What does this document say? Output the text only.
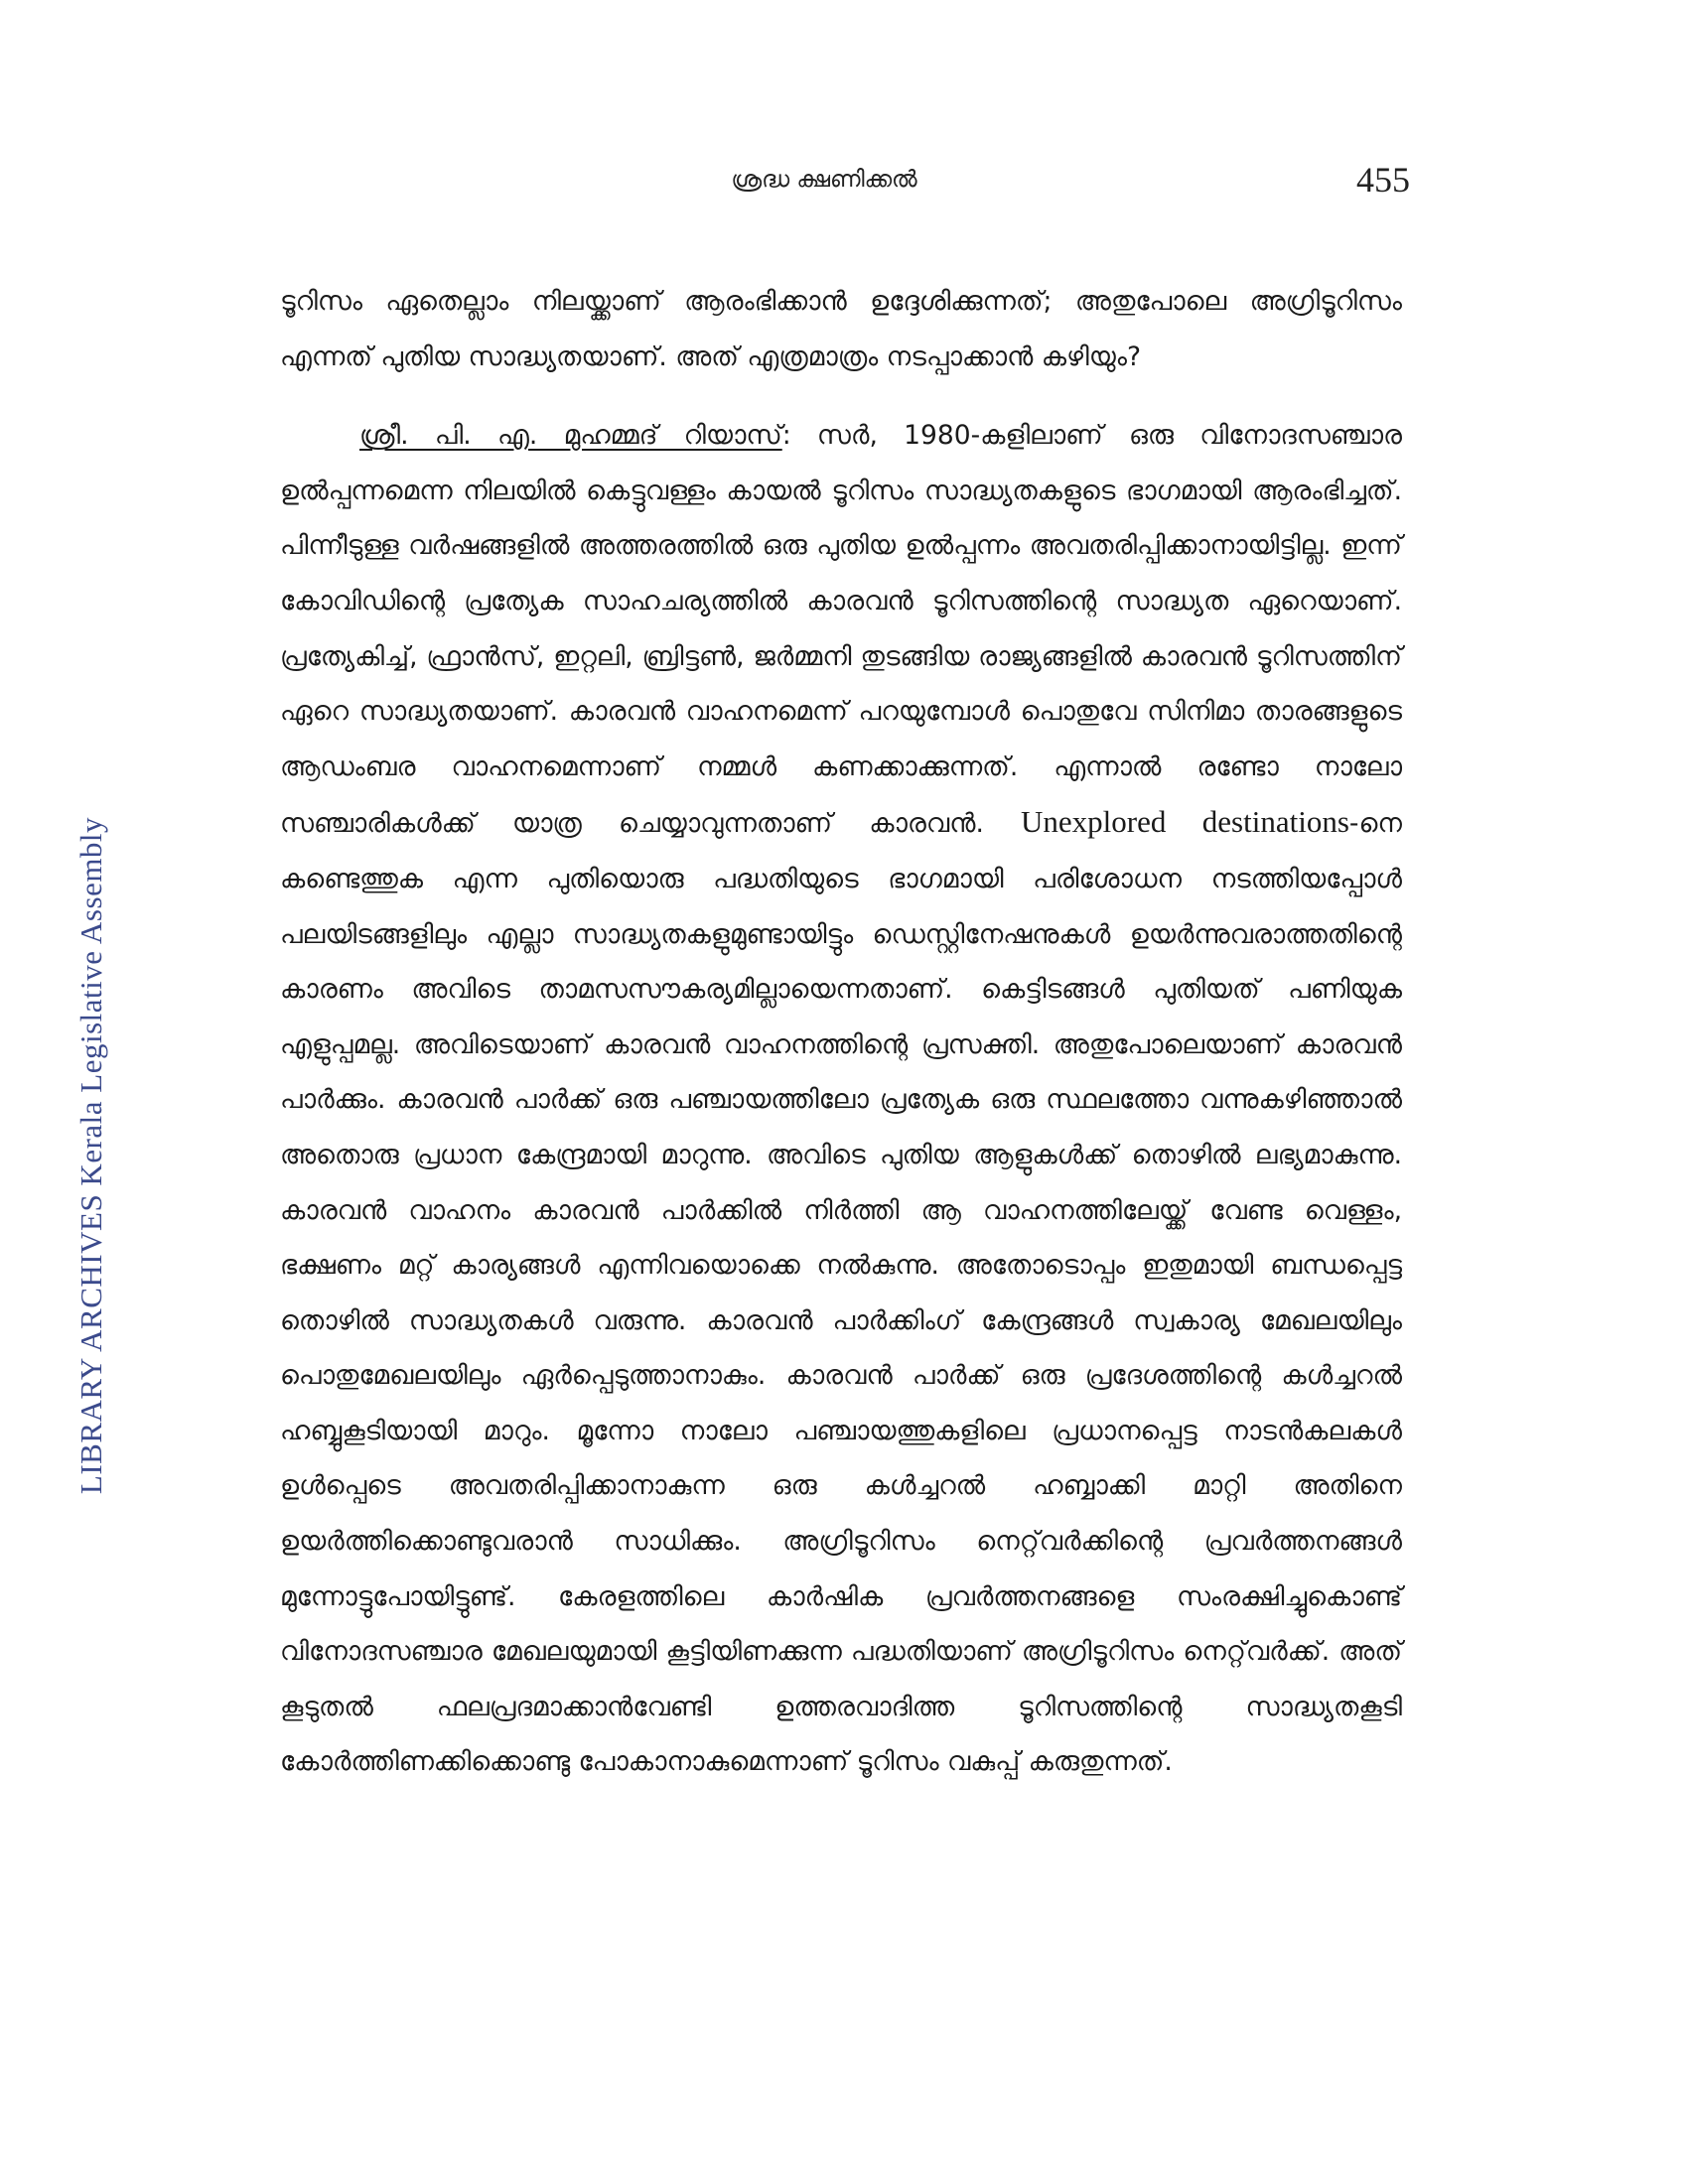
ശ്രദ്ധ ക്ഷണിക്കൽ	455
LIBRARY ARCHIVES Kerala Legislative Assembly

ടൂറിസം ഏതെല്ലാം നിലയ്ക്കാണ് ആരംഭിക്കാൻ ഉദ്ദേശിക്കുന്നത്; അതുപോലെ അഗ്രിടൂറിസം എന്നത് പുതിയ സാദ്ധ്യതയാണ്. അത് എത്രമാത്രം നടപ്പാക്കാൻ കഴിയും?

ശ്രീ. പി. എ. മുഹമ്മദ് റിയാസ്: സർ, 1980-കളിലാണ് ഒരു വിനോദസഞ്ചാര ഉൽപ്പന്നമെന്ന നിലയിൽ കെട്ടുവള്ളം കായൽ ടൂറിസം സാദ്ധ്യതകളുടെ ഭാഗമായി ആരംഭിച്ചത്. പിന്നീടുള്ള വർഷങ്ങളിൽ അത്തരത്തിൽ ഒരു പുതിയ ഉൽപ്പന്നം അവതരിപ്പിക്കാനായിട്ടില്ല. ഇന്ന് കോവിഡിന്റെ പ്രത്യേക സാഹചര്യത്തിൽ കാരവൻ ടൂറിസത്തിന്റെ സാദ്ധ്യത ഏറെയാണ്. പ്രത്യേകിച്ച്, ഫ്രാൻസ്, ഇറ്റലി, ബ്രിട്ടൺ, ജർമ്മനി തുടങ്ങിയ രാജ്യങ്ങളിൽ കാരവൻ ടൂറിസത്തിന് ഏറെ സാദ്ധ്യതയാണ്. കാരവൻ വാഹനമെന്ന് പറയുമ്പോൾ പൊതുവേ സിനിമാ താരങ്ങളുടെ ആഡംബര വാഹനമെന്നാണ് നമ്മൾ കണക്കാക്കുന്നത്. എന്നാൽ രണ്ടോ നാലോ സഞ്ചാരികൾക്ക് യാത്ര ചെയ്യാവുന്നതാണ് കാരവൻ. Unexplored destinations-നെ കണ്ടെത്തുക എന്ന പുതിയൊരു പദ്ധതിയുടെ ഭാഗമായി പരിശോധന നടത്തിയപ്പോൾ പലയിടങ്ങളിലും എല്ലാ സാദ്ധ്യതകളുമുണ്ടായിട്ടും ഡെസ്റ്റിനേഷനുകൾ ഉയർന്നുവരാത്തതിന്റെ കാരണം അവിടെ താമസസൗകര്യമില്ലായെന്നതാണ്. കെട്ടിടങ്ങൾ പുതിയത് പണിയുക എളുപ്പമല്ല. അവിടെയാണ് കാരവൻ വാഹനത്തിന്റെ പ്രസക്തി. അതുപോലെയാണ് കാരവൻ പാർക്കും. കാരവൻ പാർക്ക് ഒരു പഞ്ചായത്തിലോ പ്രത്യേക ഒരു സ്ഥലത്തോ വന്നുകഴിഞ്ഞാൽ അതൊരു പ്രധാന കേന്ദ്രമായി മാറുന്നു. അവിടെ പുതിയ ആളുകൾക്ക് തൊഴിൽ ലഭ്യമാകുന്നു. കാരവൻ വാഹനം കാരവൻ പാർക്കിൽ നിർത്തി ആ വാഹനത്തിലേയ്ക്ക് വേണ്ട വെള്ളം, ഭക്ഷണം മറ്റ് കാര്യങ്ങൾ എന്നിവയൊക്കെ നൽകുന്നു. അതോടൊപ്പം ഇതുമായി ബന്ധപ്പെട്ട തൊഴിൽ സാദ്ധ്യതകൾ വരുന്നു. കാരവൻ പാർക്കിംഗ് കേന്ദ്രങ്ങൾ സ്വകാര്യ മേഖലയിലും പൊതുമേഖലയിലും ഏർപ്പെടുത്താനാകും. കാരവൻ പാർക്ക് ഒരു പ്രദേശത്തിന്റെ കൾച്ചറൽ ഹബ്ബുകൂടിയായി മാറും. മൂന്നോ നാലോ പഞ്ചായത്തുകളിലെ പ്രധാനപ്പെട്ട നാടൻകലകൾ ഉൾപ്പെടെ അവതരിപ്പിക്കാനാകുന്ന ഒരു കൾച്ചറൽ ഹബ്ബാക്കി മാറ്റി അതിനെ ഉയർത്തിക്കൊണ്ടുവരാൻ സാധിക്കും. അഗ്രിടൂറിസം നെറ്റ്‌വർക്കിന്റെ പ്രവർത്തനങ്ങൾ മുന്നോട്ടുപോയിട്ടുണ്ട്. കേരളത്തിലെ കാർഷിക പ്രവർത്തനങ്ങളെ സംരക്ഷിച്ചുകൊണ്ട് വിനോദസഞ്ചാര മേഖലയുമായി കൂട്ടിയിണക്കുന്ന പദ്ധതിയാണ് അഗ്രിടൂറിസം നെറ്റ്‌വർക്ക്. അത് കൂടുതൽ ഫലപ്രദമാക്കാൻവേണ്ടി ഉത്തരവാദിത്ത ടൂറിസത്തിന്റെ സാദ്ധ്യതകൂടി കോർത്തിണക്കിക്കൊണ്ടു പോകാനാകുമെന്നാണ് ടൂറിസം വകുപ്പ് കരുതുന്നത്.
